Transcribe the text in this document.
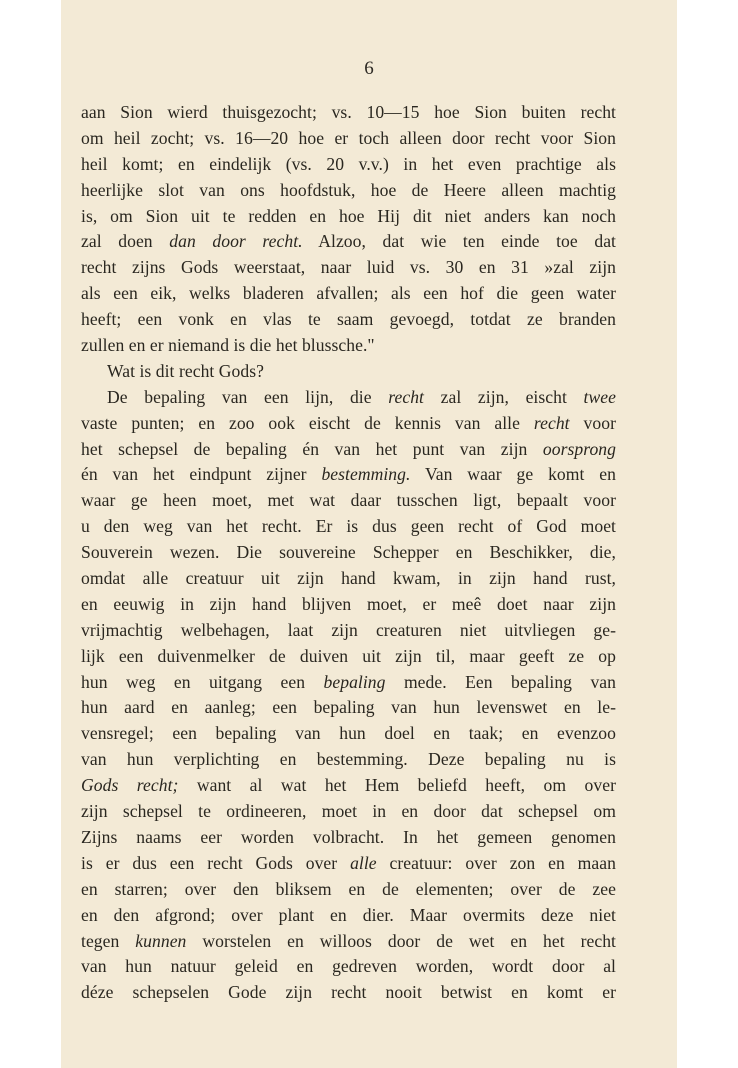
6
aan Sion wierd thuisgezocht; vs. 10—15 hoe Sion buiten recht
om heil zocht; vs. 16—20 hoe er toch alleen door recht voor Sion
heil komt; en eindelijk (vs. 20 v.v.) in het even prachtige als
heerlijke slot van ons hoofdstuk, hoe de Heere alleen machtig
is, om Sion uit te redden en hoe Hij dit niet anders kan noch
zal doen dan door recht. Alzoo, dat wie ten einde toe dat
recht zijns Gods weerstaat, naar luid vs. 30 en 31 »zal zijn
als een eik, welks bladeren afvallen; als een hof die geen water
heeft; een vonk en vlas te saam gevoegd, totdat ze branden
zullen en er niemand is die het blussche."
Wat is dit recht Gods?
De bepaling van een lijn, die recht zal zijn, eischt twee
vaste punten; en zoo ook eischt de kennis van alle recht voor
het schepsel de bepaling én van het punt van zijn oorsprong
én van het eindpunt zijner bestemming. Van waar ge komt en
waar ge heen moet, met wat daar tusschen ligt, bepaalt voor
u den weg van het recht. Er is dus geen recht of God moet
Souverein wezen. Die souvereine Schepper en Beschikker, die,
omdat alle creatuur uit zijn hand kwam, in zijn hand rust,
en eeuwig in zijn hand blijven moet, er meê doet naar zijn
vrijmachtig welbehagen, laat zijn creaturen niet uitvliegen ge-
lijk een duivenmelker de duiven uit zijn til, maar geeft ze op
hun weg en uitgang een bepaling mede. Een bepaling van
hun aard en aanleg; een bepaling van hun levenswet en le-
vensregel; een bepaling van hun doel en taak; en evenzoo
van hun verplichting en bestemming. Deze bepaling nu is
Gods recht; want al wat het Hem beliefd heeft, om over
zijn schepsel te ordineeren, moet in en door dat schepsel om
Zijns naams eer worden volbracht. In het gemeen genomen
is er dus een recht Gods over alle creatuur: over zon en maan
en starren; over den bliksem en de elementen; over de zee
en den afgrond; over plant en dier. Maar overmits deze niet
tegen kunnen worstelen en willoos door de wet en het recht
van hun natuur geleid en gedreven worden, wordt door al
déze schepselen Gode zijn recht nooit betwist en komt er
